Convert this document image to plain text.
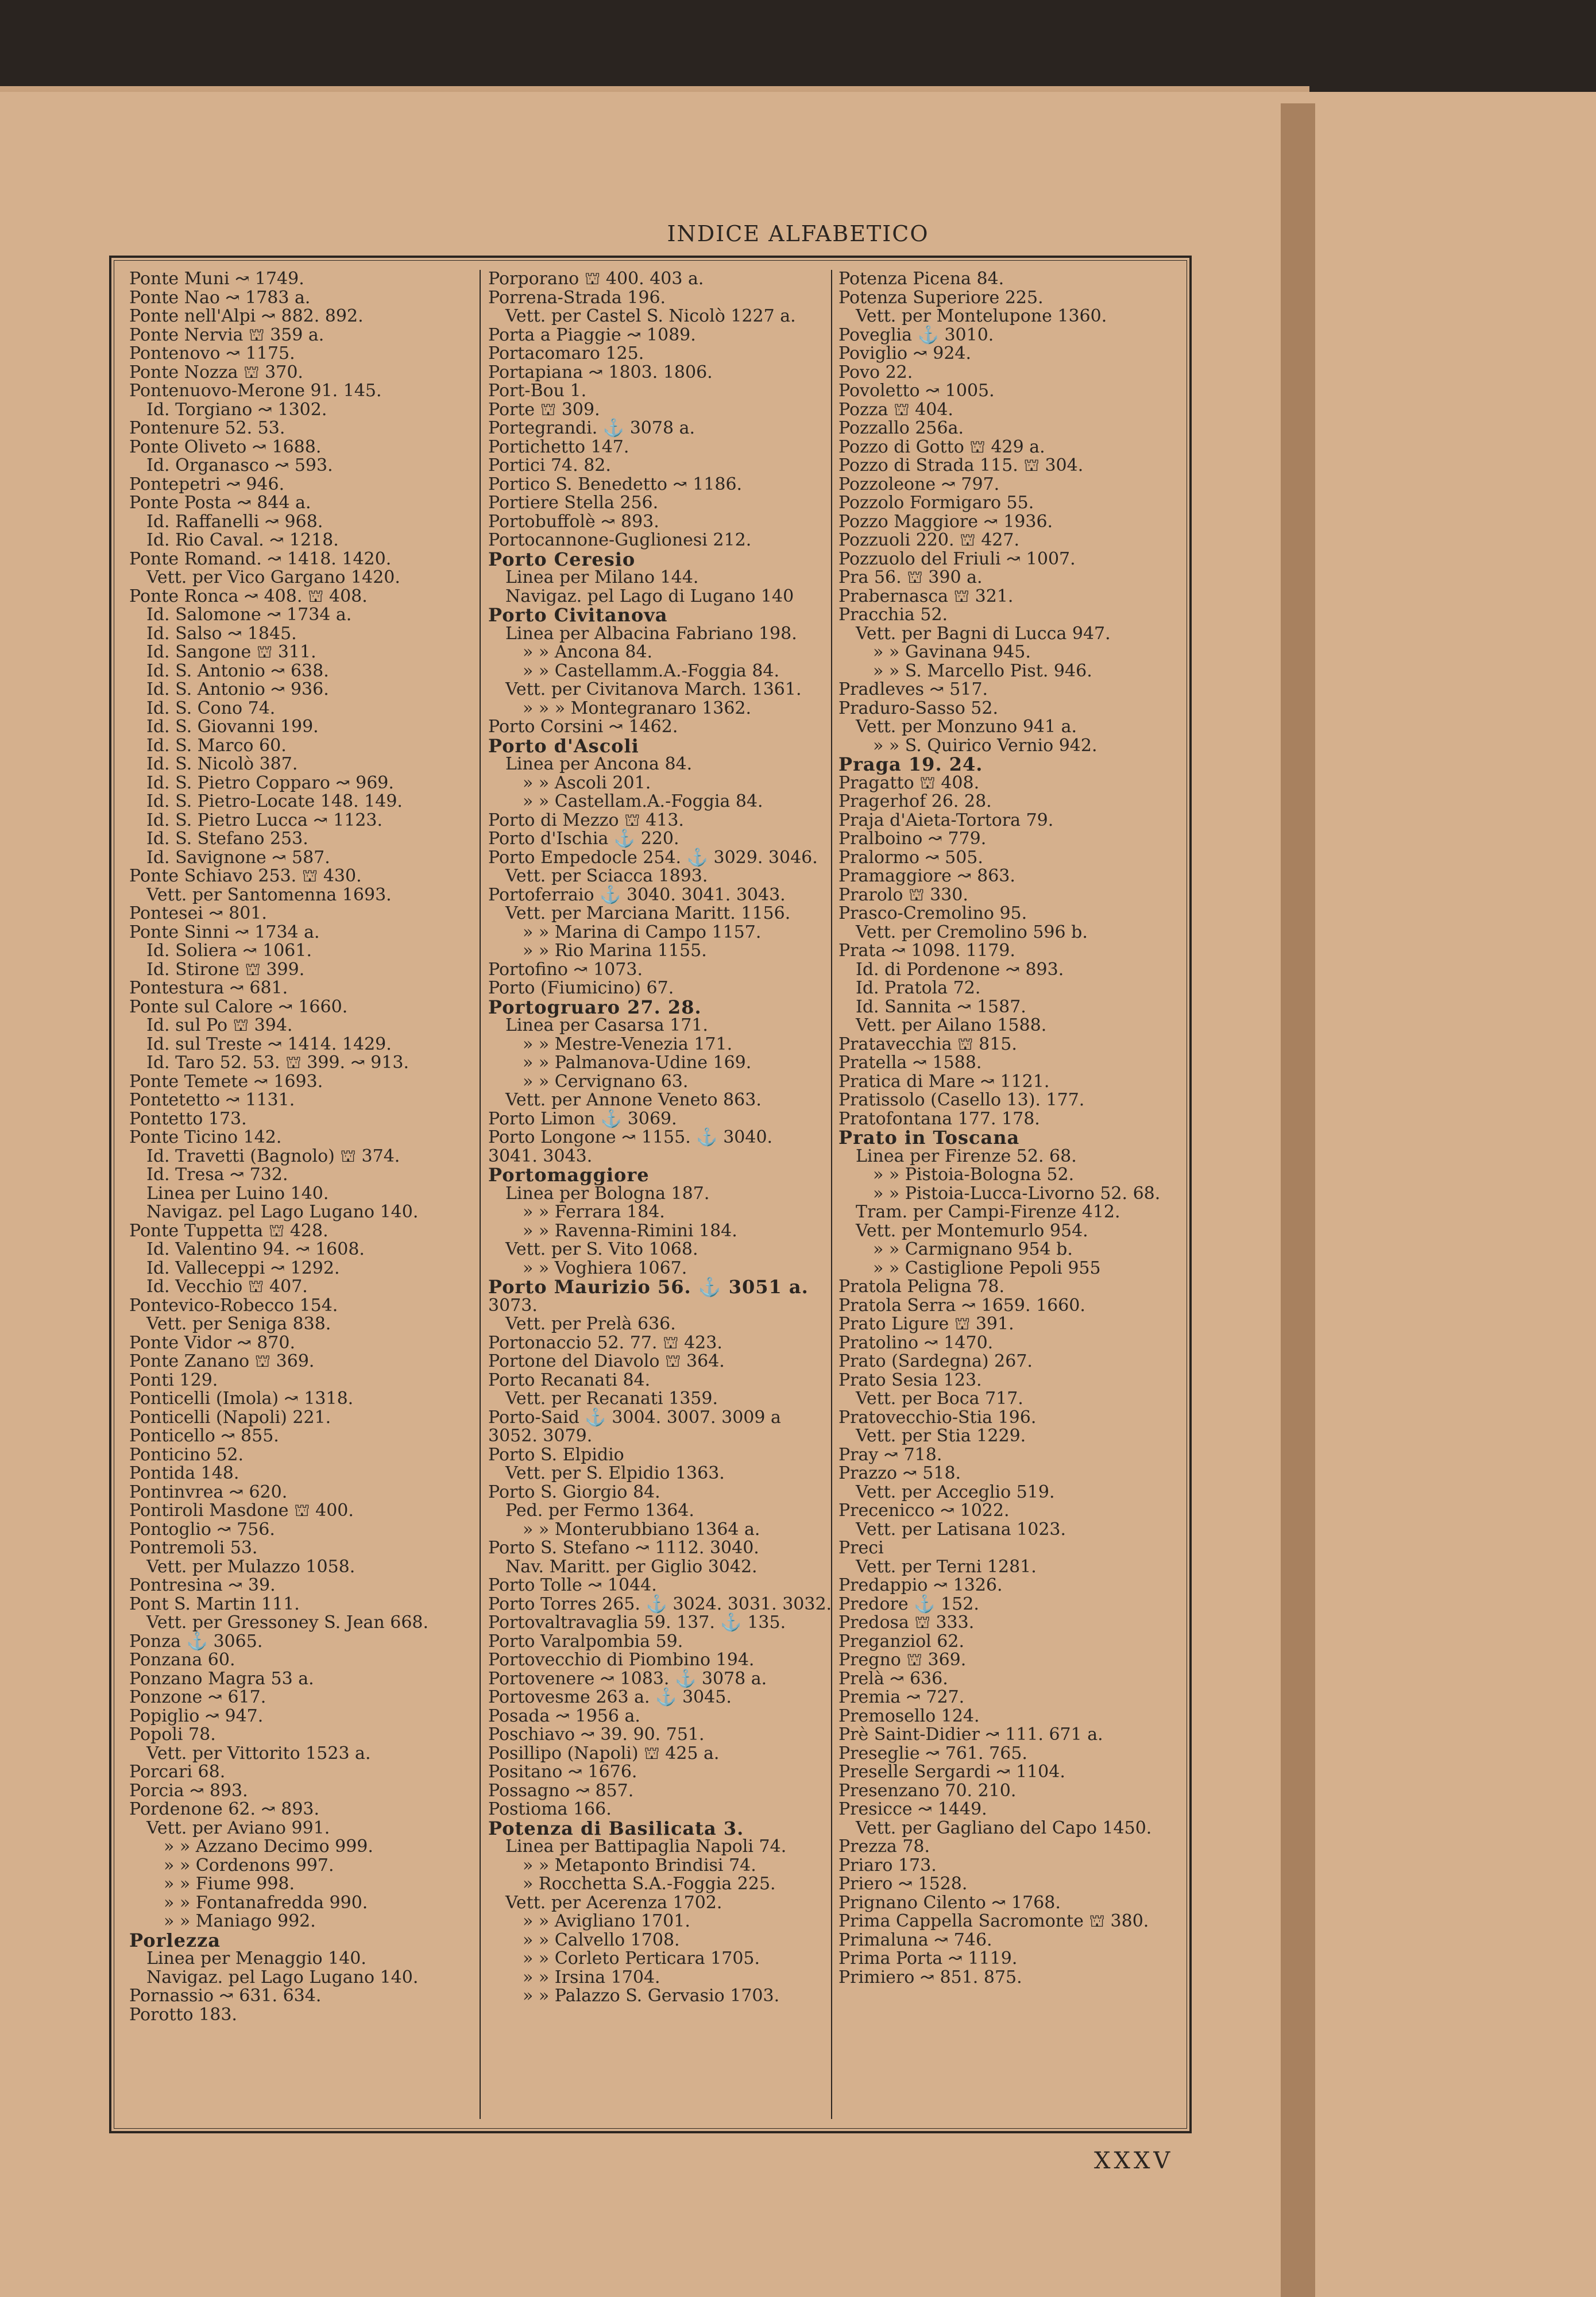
INDICE ALFABETICO
Ponte Muni ↝ 1749.
Ponte Nao ↝ 1783 a.
Ponte nell'Alpi ↝ 882. 892.
Ponte Nervia ⛫ 359 a.
Pontenovo ↝ 1175.
Ponte Nozza ⛫ 370.
Pontenuovo-Merone 91. 145.
Id. Torgiano ↝ 1302.
Pontenure 52. 53.
Ponte Oliveto ↝ 1688.
Id. Organasco ↝ 593.
Pontepetri ↝ 946.
Ponte Posta ↝ 844 a.
Id. Raffanelli ↝ 968.
Id. Rio Caval. ↝ 1218.
Ponte Romand. ↝ 1418. 1420.
Vett. per Vico Gargano 1420.
Ponte Ronca ↝ 408. ⛫ 408.
Id. Salomone ↝ 1734 a.
Id. Salso ↝ 1845.
Id. Sangone ⛫ 311.
Id. S. Antonio ↝ 638.
Id. S. Antonio ↝ 936.
Id. S. Cono 74.
Id. S. Giovanni 199.
Id. S. Marco 60.
Id. S. Nicolò 387.
Id. S. Pietro Copparo ↝ 969.
Id. S. Pietro-Locate 148. 149.
Id. S. Pietro Lucca ↝ 1123.
Id. S. Stefano 253.
Id. Savignone ↝ 587.
Ponte Schiavo 253. ⛫ 430.
Vett. per Santomenna 1693.
Pontesei ↝ 801.
Ponte Sinni ↝ 1734 a.
Id. Soliera ↝ 1061.
Id. Stirone ⛫ 399.
Pontestura ↝ 681.
Ponte sul Calore ↝ 1660.
Id. sul Po ⛫ 394.
Id. sul Treste ↝ 1414. 1429.
Id. Taro 52. 53. ⛫ 399. ↝ 913.
Ponte Temete ↝ 1693.
Pontetetto ↝ 1131.
Pontetto 173.
Ponte Ticino 142.
Id. Travetti (Bagnolo) ⛫ 374.
Id. Tresa ↝ 732.
Linea per Luino 140.
Navigaz. pel Lago Lugano 140.
Ponte Tuppetta ⛫ 428.
Id. Valentino 94. ↝ 1608.
Id. Valleceppi ↝ 1292.
Id. Vecchio ⛫ 407.
Pontevico-Robecco 154.
Vett. per Seniga 838.
Ponte Vidor ↝ 870.
Ponte Zanano ⛫ 369.
Ponti 129.
Ponticelli (Imola) ↝ 1318.
Ponticelli (Napoli) 221.
Ponticello ↝ 855.
Ponticino 52.
Pontida 148.
Pontinvrea ↝ 620.
Pontiroli Masdone ⛫ 400.
Pontoglio ↝ 756.
Pontremoli 53.
Vett. per Mulazzo 1058.
Pontresina ↝ 39.
Pont S. Martin 111.
Vett. per Gressoney S. Jean 668.
Ponza ⚓ 3065.
Ponzana 60.
Ponzano Magra 53 a.
Ponzone ↝ 617.
Popiglio ↝ 947.
Popoli 78.
Vett. per Vittorito 1523 a.
Porcari 68.
Porcia ↝ 893.
Pordenone 62. ↝ 893.
Vett. per Aviano 991.
» » Azzano Decimo 999.
» » Cordenons 997.
» » Fiume 998.
» » Fontanafredda 990.
» » Maniago 992.
Porlezza
Linea per Menaggio 140.
Navigaz. pel Lago Lugano 140.
Pornassio ↝ 631. 634.
Porotto 183.
Porporano ⛫ 400. 403 a.
Porrena-Strada 196.
Vett. per Castel S. Nicolò 1227 a.
Porta a Piaggie ↝ 1089.
Portacomaro 125.
Portapiana ↝ 1803. 1806.
Port-Bou 1.
Porte ⛫ 309.
Portegrandi. ⚓ 3078 a.
Portichetto 147.
Portici 74. 82.
Portico S. Benedetto ↝ 1186.
Portiere Stella 256.
Portobuffolè ↝ 893.
Portocannone-Guglionesi 212.
Porto Ceresio
Linea per Milano 144.
Navigaz. pel Lago di Lugano 140
Porto Civitanova
Linea per Albacina Fabriano 198.
» » Ancona 84.
» » Castellamm.A.-Foggia 84.
Vett. per Civitanova March. 1361.
» » » Montegranaro 1362.
Porto Corsini ↝ 1462.
Porto d'Ascoli
Linea per Ancona 84.
» » Ascoli 201.
» » Castellam.A.-Foggia 84.
Porto di Mezzo ⛫ 413.
Porto d'Ischia ⚓ 220.
Porto Empedocle 254. ⚓ 3029. 3046.
Vett. per Sciacca 1893.
Portoferraio ⚓ 3040. 3041. 3043.
Vett. per Marciana Maritt. 1156.
» » Marina di Campo 1157.
» » Rio Marina 1155.
Portofino ↝ 1073.
Porto (Fiumicino) 67.
Portogruaro 27. 28.
Linea per Casarsa 171.
» » Mestre-Venezia 171.
» » Palmanova-Udine 169.
» » Cervignano 63.
Vett. per Annone Veneto 863.
Porto Limon ⚓ 3069.
Porto Longone ↝ 1155. ⚓ 3040.
3041. 3043.
Portomaggiore
Linea per Bologna 187.
» » Ferrara 184.
» » Ravenna-Rimini 184.
Vett. per S. Vito 1068.
» » Voghiera 1067.
Porto Maurizio 56. ⚓ 3051 a.
3073.
Vett. per Prelà 636.
Portonaccio 52. 77. ⛫ 423.
Portone del Diavolo ⛫ 364.
Porto Recanati 84.
Vett. per Recanati 1359.
Porto-Said ⚓ 3004. 3007. 3009 a
3052. 3079.
Porto S. Elpidio
Vett. per S. Elpidio 1363.
Porto S. Giorgio 84.
Ped. per Fermo 1364.
» » Monterubbiano 1364 a.
Porto S. Stefano ↝ 1112. 3040.
Nav. Maritt. per Giglio 3042.
Porto Tolle ↝ 1044.
Porto Torres 265. ⚓ 3024. 3031. 3032.
Portovaltravaglia 59. 137. ⚓ 135.
Porto Varalpombia 59.
Portovecchio di Piombino 194.
Portovenere ↝ 1083. ⚓ 3078 a.
Portovesme 263 a. ⚓ 3045.
Posada ↝ 1956 a.
Poschiavo ↝ 39. 90. 751.
Posillipo (Napoli) ⛫ 425 a.
Positano ↝ 1676.
Possagno ↝ 857.
Postioma 166.
Potenza di Basilicata 3.
Linea per Battipaglia Napoli 74.
» » Metaponto Brindisi 74.
» Rocchetta S.A.-Foggia 225.
Vett. per Acerenza 1702.
» » Avigliano 1701.
» » Calvello 1708.
» » Corleto Perticara 1705.
» » Irsina 1704.
» » Palazzo S. Gervasio 1703.
Potenza Picena 84.
Potenza Superiore 225.
Vett. per Montelupone 1360.
Poveglia ⚓ 3010.
Poviglio ↝ 924.
Povo 22.
Povoletto ↝ 1005.
Pozza ⛫ 404.
Pozzallo 256a.
Pozzo di Gotto ⛫ 429 a.
Pozzo di Strada 115. ⛫ 304.
Pozzoleone ↝ 797.
Pozzolo Formigaro 55.
Pozzo Maggiore ↝ 1936.
Pozzuoli 220. ⛫ 427.
Pozzuolo del Friuli ↝ 1007.
Pra 56. ⛫ 390 a.
Prabernasca ⛫ 321.
Pracchia 52.
Vett. per Bagni di Lucca 947.
» » Gavinana 945.
» » S. Marcello Pist. 946.
Pradleves ↝ 517.
Praduro-Sasso 52.
Vett. per Monzuno 941 a.
» » S. Quirico Vernio 942.
Praga 19. 24.
Pragatto ⛫ 408.
Pragerhof 26. 28.
Praja d'Aieta-Tortora 79.
Pralboino ↝ 779.
Pralormo ↝ 505.
Pramaggiore ↝ 863.
Prarolo ⛫ 330.
Prasco-Cremolino 95.
Vett. per Cremolino 596 b.
Prata ↝ 1098. 1179.
Id. di Pordenone ↝ 893.
Id. Pratola 72.
Id. Sannita ↝ 1587.
Vett. per Ailano 1588.
Pratavecchia ⛫ 815.
Pratella ↝ 1588.
Pratica di Mare ↝ 1121.
Pratissolo (Casello 13). 177.
Pratofontana 177. 178.
Prato in Toscana
Linea per Firenze 52. 68.
» » Pistoia-Bologna 52.
» » Pistoia-Lucca-Livorno 52. 68.
Tram. per Campi-Firenze 412.
Vett. per Montemurlo 954.
» » Carmignano 954 b.
» » Castiglione Pepoli 955
Pratola Peligna 78.
Pratola Serra ↝ 1659. 1660.
Prato Ligure ⛫ 391.
Pratolino ↝ 1470.
Prato (Sardegna) 267.
Prato Sesia 123.
Vett. per Boca 717.
Pratovecchio-Stia 196.
Vett. per Stia 1229.
Pray ↝ 718.
Prazzo ↝ 518.
Vett. per Acceglio 519.
Precenicco ↝ 1022.
Vett. per Latisana 1023.
Preci
Vett. per Terni 1281.
Predappio ↝ 1326.
Predore ⚓ 152.
Predosa ⛫ 333.
Preganziol 62.
Pregno ⛫ 369.
Prelà ↝ 636.
Premia ↝ 727.
Premosello 124.
Prè Saint-Didier ↝ 111. 671 a.
Preseglie ↝ 761. 765.
Preselle Sergardi ↝ 1104.
Presenzano 70. 210.
Presicce ↝ 1449.
Vett. per Gagliano del Capo 1450.
Prezza 78.
Priaro 173.
Priero ↝ 1528.
Prignano Cilento ↝ 1768.
Prima Cappella Sacromonte ⛫ 380.
Primaluna ↝ 746.
Prima Porta ↝ 1119.
Primiero ↝ 851. 875.
XXXV
